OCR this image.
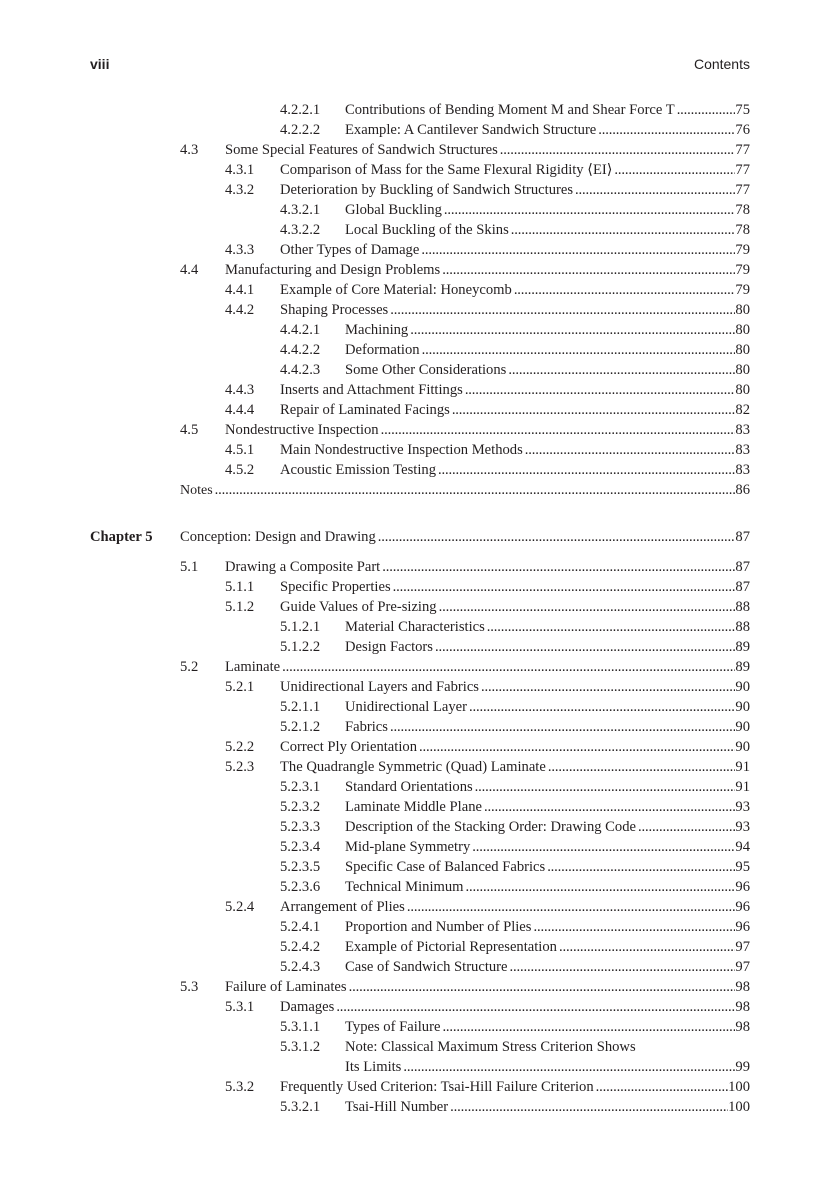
viii	Contents
4.2.2.1 Contributions of Bending Moment M and Shear Force T . . .	75
4.2.2.2 Example: A Cantilever Sandwich Structure . . .	76
4.3 Some Special Features of Sandwich Structures . . .	77
4.3.1 Comparison of Mass for the Same Flexural Rigidity ⟨EI⟩ . . .	77
4.3.2 Deterioration by Buckling of Sandwich Structures . . .	77
4.3.2.1 Global Buckling . . .	78
4.3.2.2 Local Buckling of the Skins . . .	78
4.3.3 Other Types of Damage . . .	79
4.4 Manufacturing and Design Problems . . .	79
4.4.1 Example of Core Material: Honeycomb . . .	79
4.4.2 Shaping Processes . . .	80
4.4.2.1 Machining . . .	80
4.4.2.2 Deformation . . .	80
4.4.2.3 Some Other Considerations . . .	80
4.4.3 Inserts and Attachment Fittings . . .	80
4.4.4 Repair of Laminated Facings . . .	82
4.5 Nondestructive Inspection . . .	83
4.5.1 Main Nondestructive Inspection Methods . . .	83
4.5.2 Acoustic Emission Testing . . .	83
Notes . . .	86
Chapter 5 Conception: Design and Drawing . . .	87
5.1 Drawing a Composite Part . . .	87
5.1.1 Specific Properties . . .	87
5.1.2 Guide Values of Pre-sizing . . .	88
5.1.2.1 Material Characteristics . . .	88
5.1.2.2 Design Factors . . .	89
5.2 Laminate . . .	89
5.2.1 Unidirectional Layers and Fabrics . . .	90
5.2.1.1 Unidirectional Layer . . .	90
5.2.1.2 Fabrics . . .	90
5.2.2 Correct Ply Orientation . . .	90
5.2.3 The Quadrangle Symmetric (Quad) Laminate . . .	91
5.2.3.1 Standard Orientations . . .	91
5.2.3.2 Laminate Middle Plane . . .	93
5.2.3.3 Description of the Stacking Order: Drawing Code . . .	93
5.2.3.4 Mid-plane Symmetry . . .	94
5.2.3.5 Specific Case of Balanced Fabrics . . .	95
5.2.3.6 Technical Minimum . . .	96
5.2.4 Arrangement of Plies . . .	96
5.2.4.1 Proportion and Number of Plies . . .	96
5.2.4.2 Example of Pictorial Representation . . .	97
5.2.4.3 Case of Sandwich Structure . . .	97
5.3 Failure of Laminates . . .	98
5.3.1 Damages . . .	98
5.3.1.1 Types of Failure . . .	98
5.3.1.2 Note: Classical Maximum Stress Criterion Shows
Its Limits . . .	99
5.3.2 Frequently Used Criterion: Tsai-Hill Failure Criterion . . .	100
5.3.2.1 Tsai-Hill Number . . .	100
